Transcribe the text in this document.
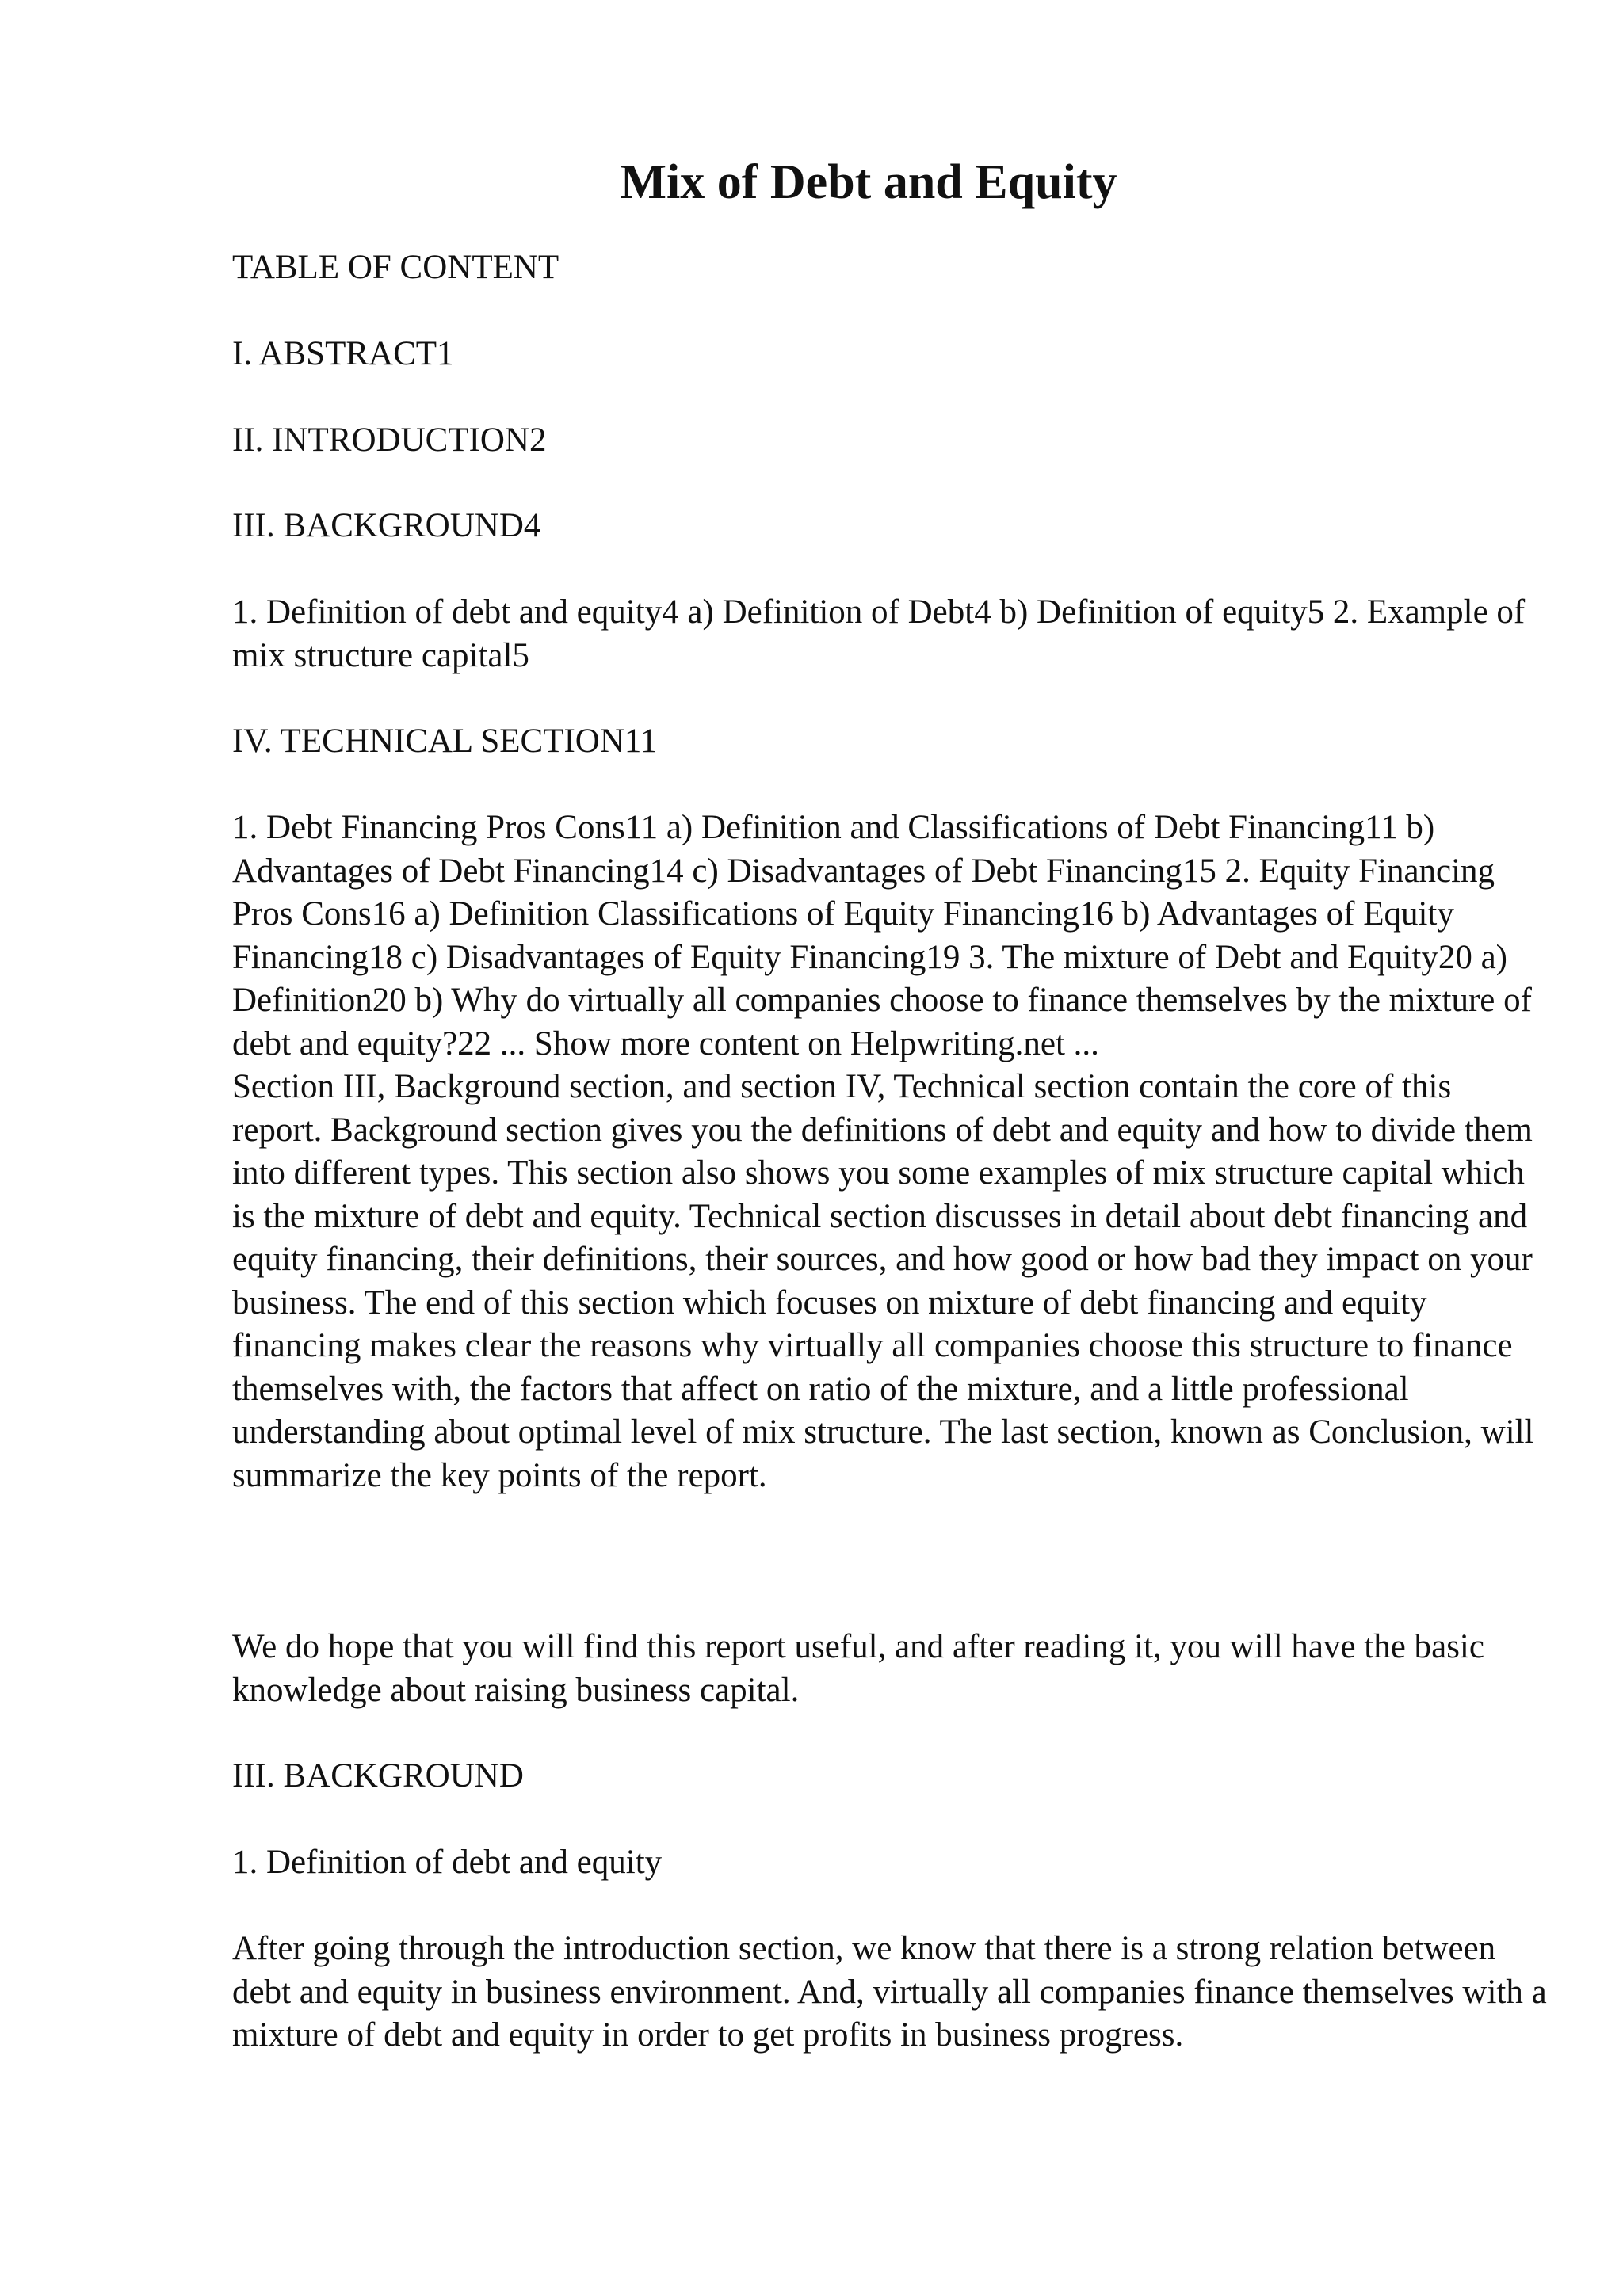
Mix of Debt and Equity

TABLE OF CONTENT

I. ABSTRACT1

II. INTRODUCTION2

III. BACKGROUND4

1. Definition of debt and equity4 a) Definition of Debt4 b) Definition of equity5 2. Example of mix structure capital5

IV. TECHNICAL SECTION11

1. Debt Financing Pros Cons11 a) Definition and Classifications of Debt Financing11 b) Advantages of Debt Financing14 c) Disadvantages of Debt Financing15 2. Equity Financing Pros Cons16 a) Definition Classifications of Equity Financing16 b) Advantages of Equity Financing18 c) Disadvantages of Equity Financing19 3. The mixture of Debt and Equity20 a) Definition20 b) Why do virtually all companies choose to finance themselves by the mixture of debt and equity?22 ... Show more content on Helpwriting.net ...
Section III, Background section, and section IV, Technical section contain the core of this report. Background section gives you the definitions of debt and equity and how to divide them into different types. This section also shows you some examples of mix structure capital which is the mixture of debt and equity. Technical section discusses in detail about debt financing and equity financing, their definitions, their sources, and how good or how bad they impact on your business. The end of this section which focuses on mixture of debt financing and equity financing makes clear the reasons why virtually all companies choose this structure to finance themselves with, the factors that affect on ratio of the mixture, and a little professional understanding about optimal level of mix structure. The last section, known as Conclusion, will summarize the key points of the report.

We do hope that you will find this report useful, and after reading it, you will have the basic knowledge about raising business capital.

III. BACKGROUND

1. Definition of debt and equity

After going through the introduction section, we know that there is a strong relation between debt and equity in business environment. And, virtually all companies finance themselves with a mixture of debt and equity in order to get profits in business progress.
